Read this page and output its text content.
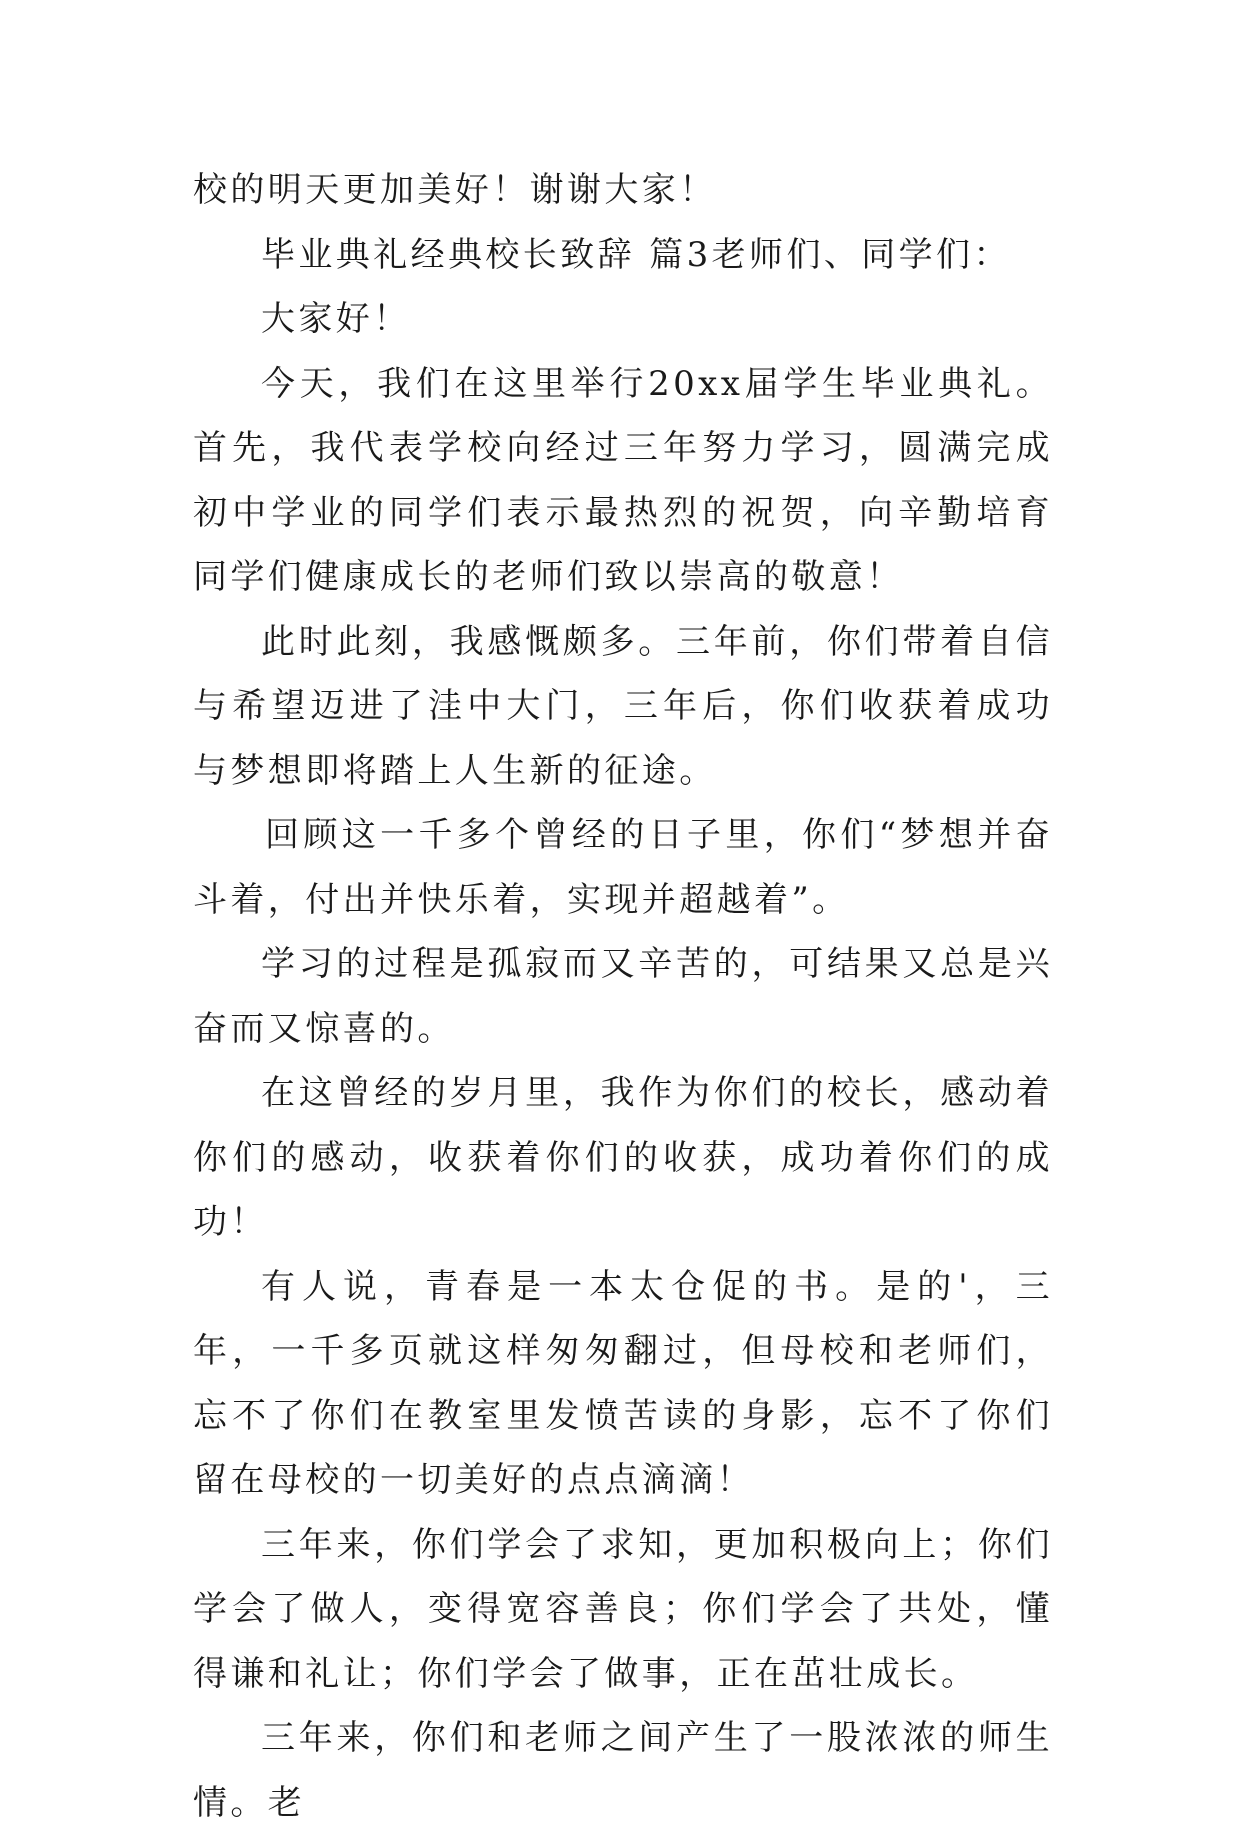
校的明天更加美好！谢谢大家！

毕业典礼经典校长致辞 篇3老师们、同学们：

大家好！

今天，我们在这里举行20xx届学生毕业典礼。首先，我代表学校向经过三年努力学习，圆满完成初中学业的同学们表示最热烈的祝贺，向辛勤培育同学们健康成长的老师们致以崇高的敬意！

此时此刻，我感慨颇多。三年前，你们带着自信与希望迈进了洼中大门，三年后，你们收获着成功与梦想即将踏上人生新的征途。

回顾这一千多个曾经的日子里，你们“梦想并奋斗着，付出并快乐着，实现并超越着”。

学习的过程是孤寂而又辛苦的，可结果又总是兴奋而又惊喜的。

在这曾经的岁月里，我作为你们的校长，感动着你们的感动，收获着你们的收获，成功着你们的成功！

有人说，青春是一本太仓促的书。是的'，三年，一千多页就这样匆匆翻过，但母校和老师们，忘不了你们在教室里发愤苦读的身影，忘不了你们留在母校的一切美好的点点滴滴！

三年来，你们学会了求知，更加积极向上；你们学会了做人，变得宽容善良；你们学会了共处，懂得谦和礼让；你们学会了做事，正在茁壮成长。

三年来，你们和老师之间产生了一股浓浓的师生情。老
